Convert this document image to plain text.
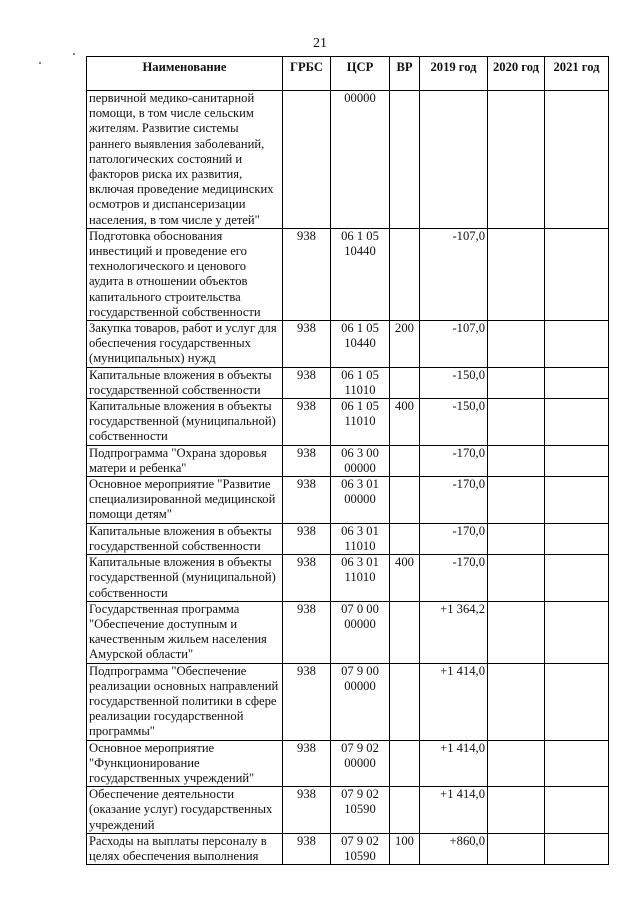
21
Наименование	ГРБС	ЦСР	ВР	2019 год	2020 год	2021 год
первичной медико-санитарной помощи, в том числе сельским жителям. Развитие системы раннего выявления заболеваний, патологических состояний и факторов риска их развития, включая проведение медицинских осмотров и диспансеризации населения, в том числе у детей"		00000				
Подготовка обоснования инвестиций и проведение его технологического и ценового аудита в отношении объектов капитального строительства государственной собственности	938	06 1 05 10440		-107,0		
Закупка товаров, работ и услуг для обеспечения государственных (муниципальных) нужд	938	06 1 05 10440	200	-107,0		
Капитальные вложения в объекты государственной собственности	938	06 1 05 11010		-150,0		
Капитальные вложения в объекты государственной (муниципальной) собственности	938	06 1 05 11010	400	-150,0		
Подпрограмма "Охрана здоровья матери и ребенка"	938	06 3 00 00000		-170,0		
Основное мероприятие "Развитие специализированной медицинской помощи детям"	938	06 3 01 00000		-170,0		
Капитальные вложения в объекты государственной собственности	938	06 3 01 11010		-170,0		
Капитальные вложения в объекты государственной (муниципальной) собственности	938	06 3 01 11010	400	-170,0		
Государственная программа "Обеспечение доступным и качественным жильем населения Амурской области"	938	07 0 00 00000		+1 364,2		
Подпрограмма "Обеспечение реализации основных направлений государственной политики в сфере реализации государственной программы"	938	07 9 00 00000		+1 414,0		
Основное мероприятие "Функционирование государственных учреждений"	938	07 9 02 00000		+1 414,0		
Обеспечение деятельности (оказание услуг) государственных учреждений	938	07 9 02 10590		+1 414,0		
Расходы на выплаты персоналу в целях обеспечения выполнения	938	07 9 02 10590	100	+860,0		
